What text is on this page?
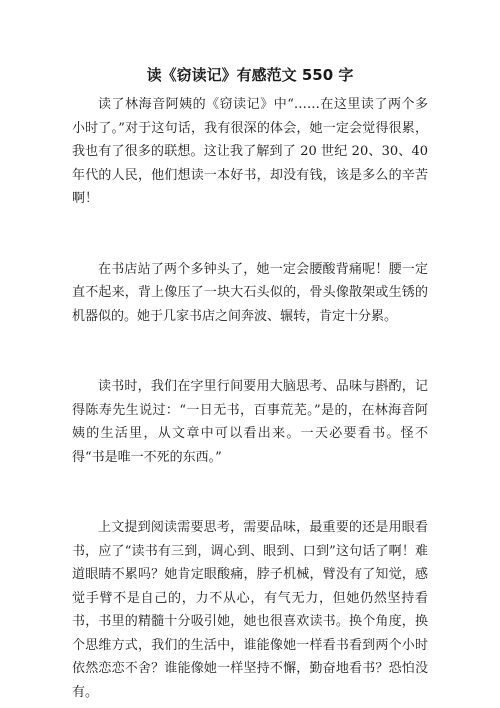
读《窃读记》有感范文 550 字

读了林海音阿姨的《窃读记》中“……在这里读了两个多小时了。”对于这句话，我有很深的体会，她一定会觉得很累，我也有了很多的联想。这让我了解到了 20 世纪 20、30、40 年代的人民，他们想读一本好书，却没有钱，该是多么的辛苦啊！

在书店站了两个多钟头了，她一定会腰酸背痛呢！腰一定直不起来，背上像压了一块大石头似的，骨头像散架或生锈的机器似的。她于几家书店之间奔波、辗转，肯定十分累。

读书时，我们在字里行间要用大脑思考、品味与斟酌，记得陈寿先生说过：“一日无书，百事荒芜。”是的，在林海音阿姨的生活里，从文章中可以看出来。一天必要看书。怪不得“书是唯一不死的东西。”

上文提到阅读需要思考，需要品味，最重要的还是用眼看书，应了“读书有三到，调心到、眼到、口到”这句话了啊！难道眼睛不累吗？她肯定眼酸痛，脖子机械，臂没有了知觉，感觉手臂不是自己的，力不从心，有气无力，但她仍然坚持看书，书里的精髓十分吸引她，她也很喜欢读书。换个角度，换个思维方式，我们的生活中，谁能像她一样看书看到两个小时依然恋恋不舍？谁能像她一样坚持不懈，勤奋地看书？恐怕没有。
